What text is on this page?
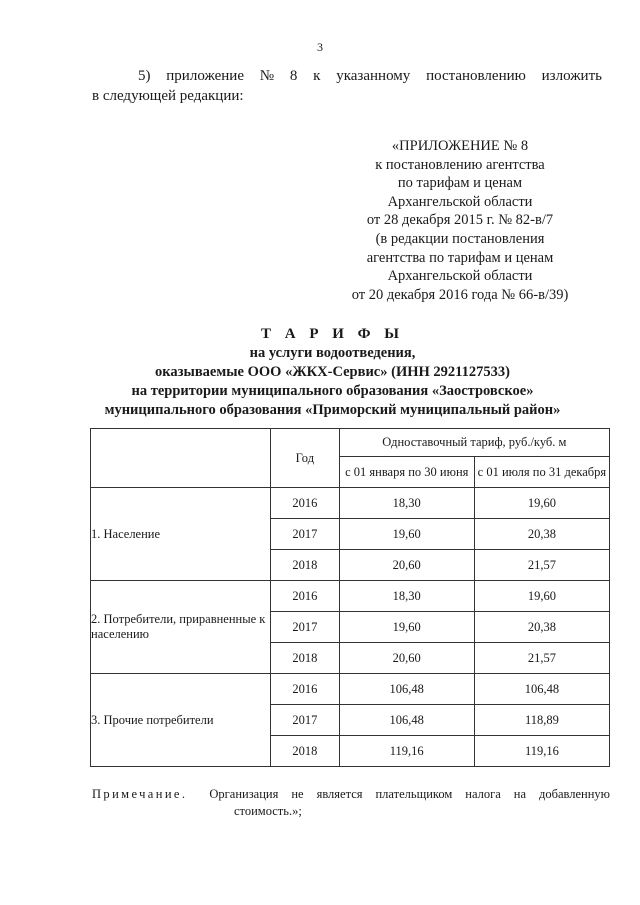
3
5) приложение № 8 к указанному постановлению изложить
в следующей редакции:
«ПРИЛОЖЕНИЕ № 8
к постановлению агентства
по тарифам и ценам
Архангельской области
от 28 декабря 2015 г. № 82-в/7
(в редакции постановления
агентства по тарифам и ценам
Архангельской области
от 20 декабря 2016 года № 66-в/39)
Т А Р И Ф Ы
на услуги водоотведения,
оказываемые ООО «ЖКХ-Сервис» (ИНН 2921127533)
на территории муниципального образования «Заостровское»
муниципального образования «Приморский муниципальный район»
	Год	Одноставочный тариф, руб./куб. м	
		с 01 января по 30 июня	с 01 июля по 31 декабря
1. Население	2016	18,30	19,60
	2017	19,60	20,38
	2018	20,60	21,57
2. Потребители, приравненные к населению	2016	18,30	19,60
	2017	19,60	20,38
	2018	20,60	21,57
3. Прочие потребители	2016	106,48	106,48
	2017	106,48	118,89
	2018	119,16	119,16
Примечание. Организация не является плательщиком налога на добавленную
стоимость.»;
